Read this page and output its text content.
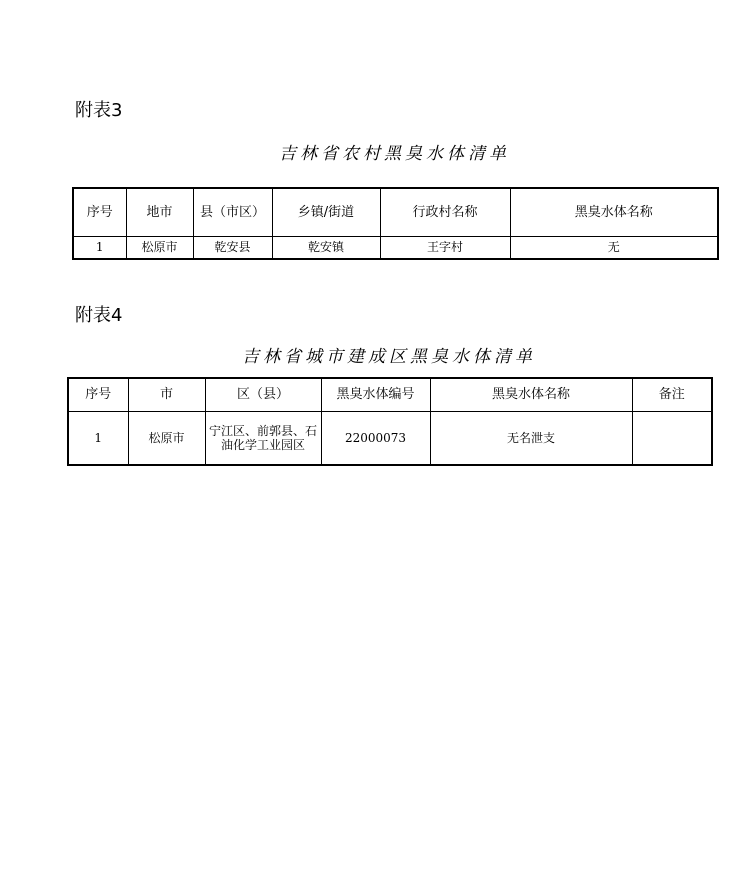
附表3
吉林省农村黑臭水体清单
序号	地市	县（市区）	乡镇/街道	行政村名称	黑臭水体名称
1	松原市	乾安县	乾安镇	王字村	无
附表4
吉林省城市建成区黑臭水体清单
序号	市	区（县）	黑臭水体编号	黑臭水体名称	备注
1	松原市	宁江区、前郭县、石油化学工业园区	22000073	无名泄支	
